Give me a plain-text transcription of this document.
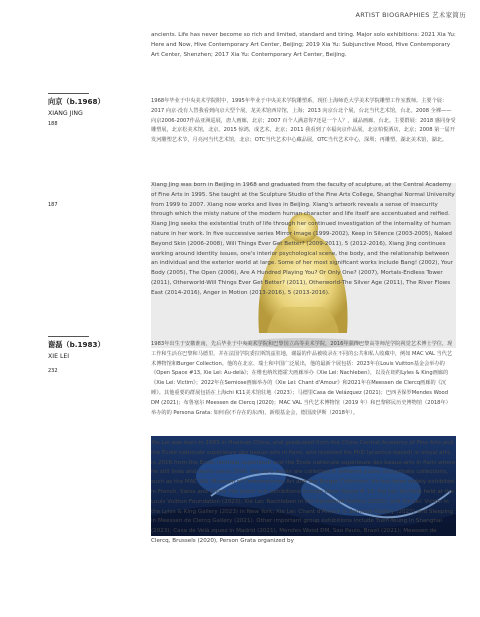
ARTIST BIOGRAPHIES 艺术家简历

ancients. Life has never become so rich and limited, standard and tiring. Major solo exhibitions: 2021 Xia Yu: Here and Now, Hive Contemporary Art Center, Beijing; 2019 Xia Yu: Subjunctive Mood, Hive Contemporary Art Center, Shenzhen; 2017 Xia Yu: Contemporary Art Center, Beijing.

向京（b.1968）
XIANG JING
188
1968年毕业于中央美术学院附中，1995年毕业于中央美术学院雕塑系，现任上海师范大学美术学院雕塑工作室教师。主要个展：2017 向京·没有人替我看到向京大型个展，龙美术馆西岸馆，上海；2013 向京台北个展，台北当代艺术馆，台北。2008 全裸——向京2006-2007作品亚洲巡展，唐人画廊，北京；2007 百个人满意你?还是一个人？，诚品画廊，台北。主要群展：2018 感同身受雕塑展，北京松美术馆，北京。2015 惊鸿，成艺术，北京；2011 我看到了幸福向京作品展，北京柏悦酒店，北京；2008 第一届开发河雕塑艺术节，月亮河当代艺术馆，北京；OTC当代艺术中心藏品展，OTC当代艺术中心，深圳；再雕塑，湖北美术馆，湖北。
187

Xiang Jing was born in Beijing in 1968 and graduated from the faculty of sculpture, at the Central Academy of Fine Arts in 1995. She taught at the Sculpture Studio of the Fine Arts College, Shanghai Normal University from 1999 to 2007. Xiang now works and lives in Beijing. Xiang's artwork reveals a sense of insecurity through which the misty nature of the modern human character and life itself are accentuated and reified. Xiang Jing seeks the existential truth of life through her continued investigation of the internality of human nature in her work. In five successive series Mirror Image (1999-2002), Keep in Silence (2003-2005), Naked Beyond Skin (2006-2008), Will Things Ever Get Better? (2009-2011), 5 (2012-2016), Xiang Jing continues working around identity issues, one's interior psychological scene, the body, and the relationship between an individual and the exterior world at large. Some of her most significant works include Bang! (2002), Your Body (2005), The Open (2006), Are A Hundred Playing You? Or Only One? (2007), Mortals-Endless Tower (2011), Otherworld-Will Things Ever Get Better? (2011), Otherworld-The Silver Age (2011), The River Flows East (2014-2016), Anger in Motion (2013-2016), 5 (2013-2016).

谢磊（b.1983）
XIE LEI
232
1983年出生于安徽淮南，先后毕业于中央美术学院和巴黎国立高等美术学院，2016年获得巴黎高等师范学院视觉艺术博士学位，现工作和生活在巴黎和马德里。并在法国学院委拉斯凯兹驻地，谢磊的作品被收录在不同的公共和私人收藏中，例如 MAC VAL 当代艺术博物馆和Burger Collection。他的在北京、瑞士和中国广泛展出，他的最新个展包括：2023年在Louis Vuitton基金会举办的《Open Space #13, Xie Lei: Au-delà》；在维也纳坎德霍夫画廊举办《Xie Lei: Nachleben》，以及在纽约Lyles & King画廊的《Xie Lei: Victim》；2022年在Semiose画廊举办的《Xie Lei: Chant d'Amour》和2021年在Meessen de Clercq画廊的《沉睡》。其他重要的群展包括在上海chi K11美术馆驻地（2023）；马德里Casa de Velázquez (2021)；巴西圣保罗Mendes Wood DM (2021)；布鲁塞尔 Meessen de Clercq (2020)；MAC VAL 当代艺术博物馆（2019 年）和巴黎移民历史博物馆（2018年）举办的的 Persona Grata: 如何看(不存在的东西)，新根基金会，德国波伊斯（2018年）。

Xie Lei was born in 1983 in Huainan China, and graduated from the China Central Academy of Fine Arts and the École nationale supérieure des beaux-arts in Paris, and received his PhD (practice-based) in visual arts in 2016 from the École normale supérieure and the École nationale supérieure des beaux-arts in Paris where he still lives and works since 2006. Xie Lei's works are collected in different public and private collections, such as the MAC VAL Museum of Contemporary Art and the Burger Collection. He has been widely exhibited in French, Swiss and China. His latest solo exhibitions include Open Space # 13: Xie Lei: Au-Delà held at the Louis Vuitton Foundation (2023); Xie Lei: Nachleben in the Kandehoff Gallery (2023), and Xie Lei: Victim in the Lyles & King Gallery (2023) in New York; Xie Lei: Chant d'Amour in Semiose Gallery (2022) and Sleeping in Meessen de Clercq Gallery (2021). Other important group exhibitions include Yuen-Yeung in Shanghai (2023); Casa de Velá zquez in Madrid (2021), Mendes Wood DM, Sao Paulo, Brazil (2021); Meessen de Clercq, Brussels (2020), Person Grata organized by
